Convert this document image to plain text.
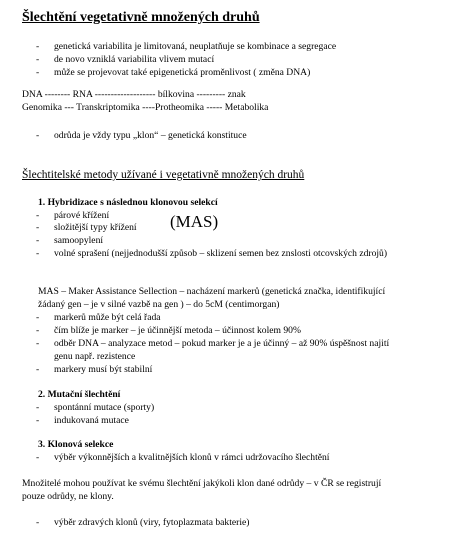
Šlechtění vegetativně množených druhů
- genetická variabilita je limitovaná, neuplatňuje se kombinace a segregace
- de novo vzniklá variabilita vlivem mutací
- může se projevovat také epigenetická proměnlivost ( změna DNA)
DNA -------- RNA ------------------- bílkovina --------- znak
Genomika --- Transkriptomika ----Protheomika ----- Metabolika
- odrůda je vždy typu „klon“ – genetická konstituce
Šlechtitelské metody užívané i vegetativně množených druhů
1. Hybridizace s následnou klonovou selekcí
- párové křížení
- složitější typy křížení (MAS)
- samoopylení
- volné sprašení (nejjednodušší způsob – sklizení semen bez znslosti otcovských zdrojů)
MAS – Maker Assistance Sellection – nacházení markerů (genetická značka, identifikující
žádaný gen – je v silné vazbě na gen ) – do 5cM (centimorgan)
- markerů může být celá řada
- čím blíže je marker – je účinnější metoda – účinnost kolem 90%
- odběr DNA – analyzace metod – pokud marker je a je účinný – až 90% úspěšnost najití
genu např. rezistence
- markery musí být stabilní
2. Mutační šlechtění
- spontánní mutace (sporty)
- indukovaná mutace
3. Klonová selekce
- výběr výkonnějších a kvalitnějších klonů v rámci udržovacího šlechtění
Množitelé mohou používat ke svému šlechtění jakýkoli klon dané odrůdy – v ČR se registrují
pouze odrůdy, ne klony.
- výběr zdravých klonů (viry, fytoplazmata bakterie)
